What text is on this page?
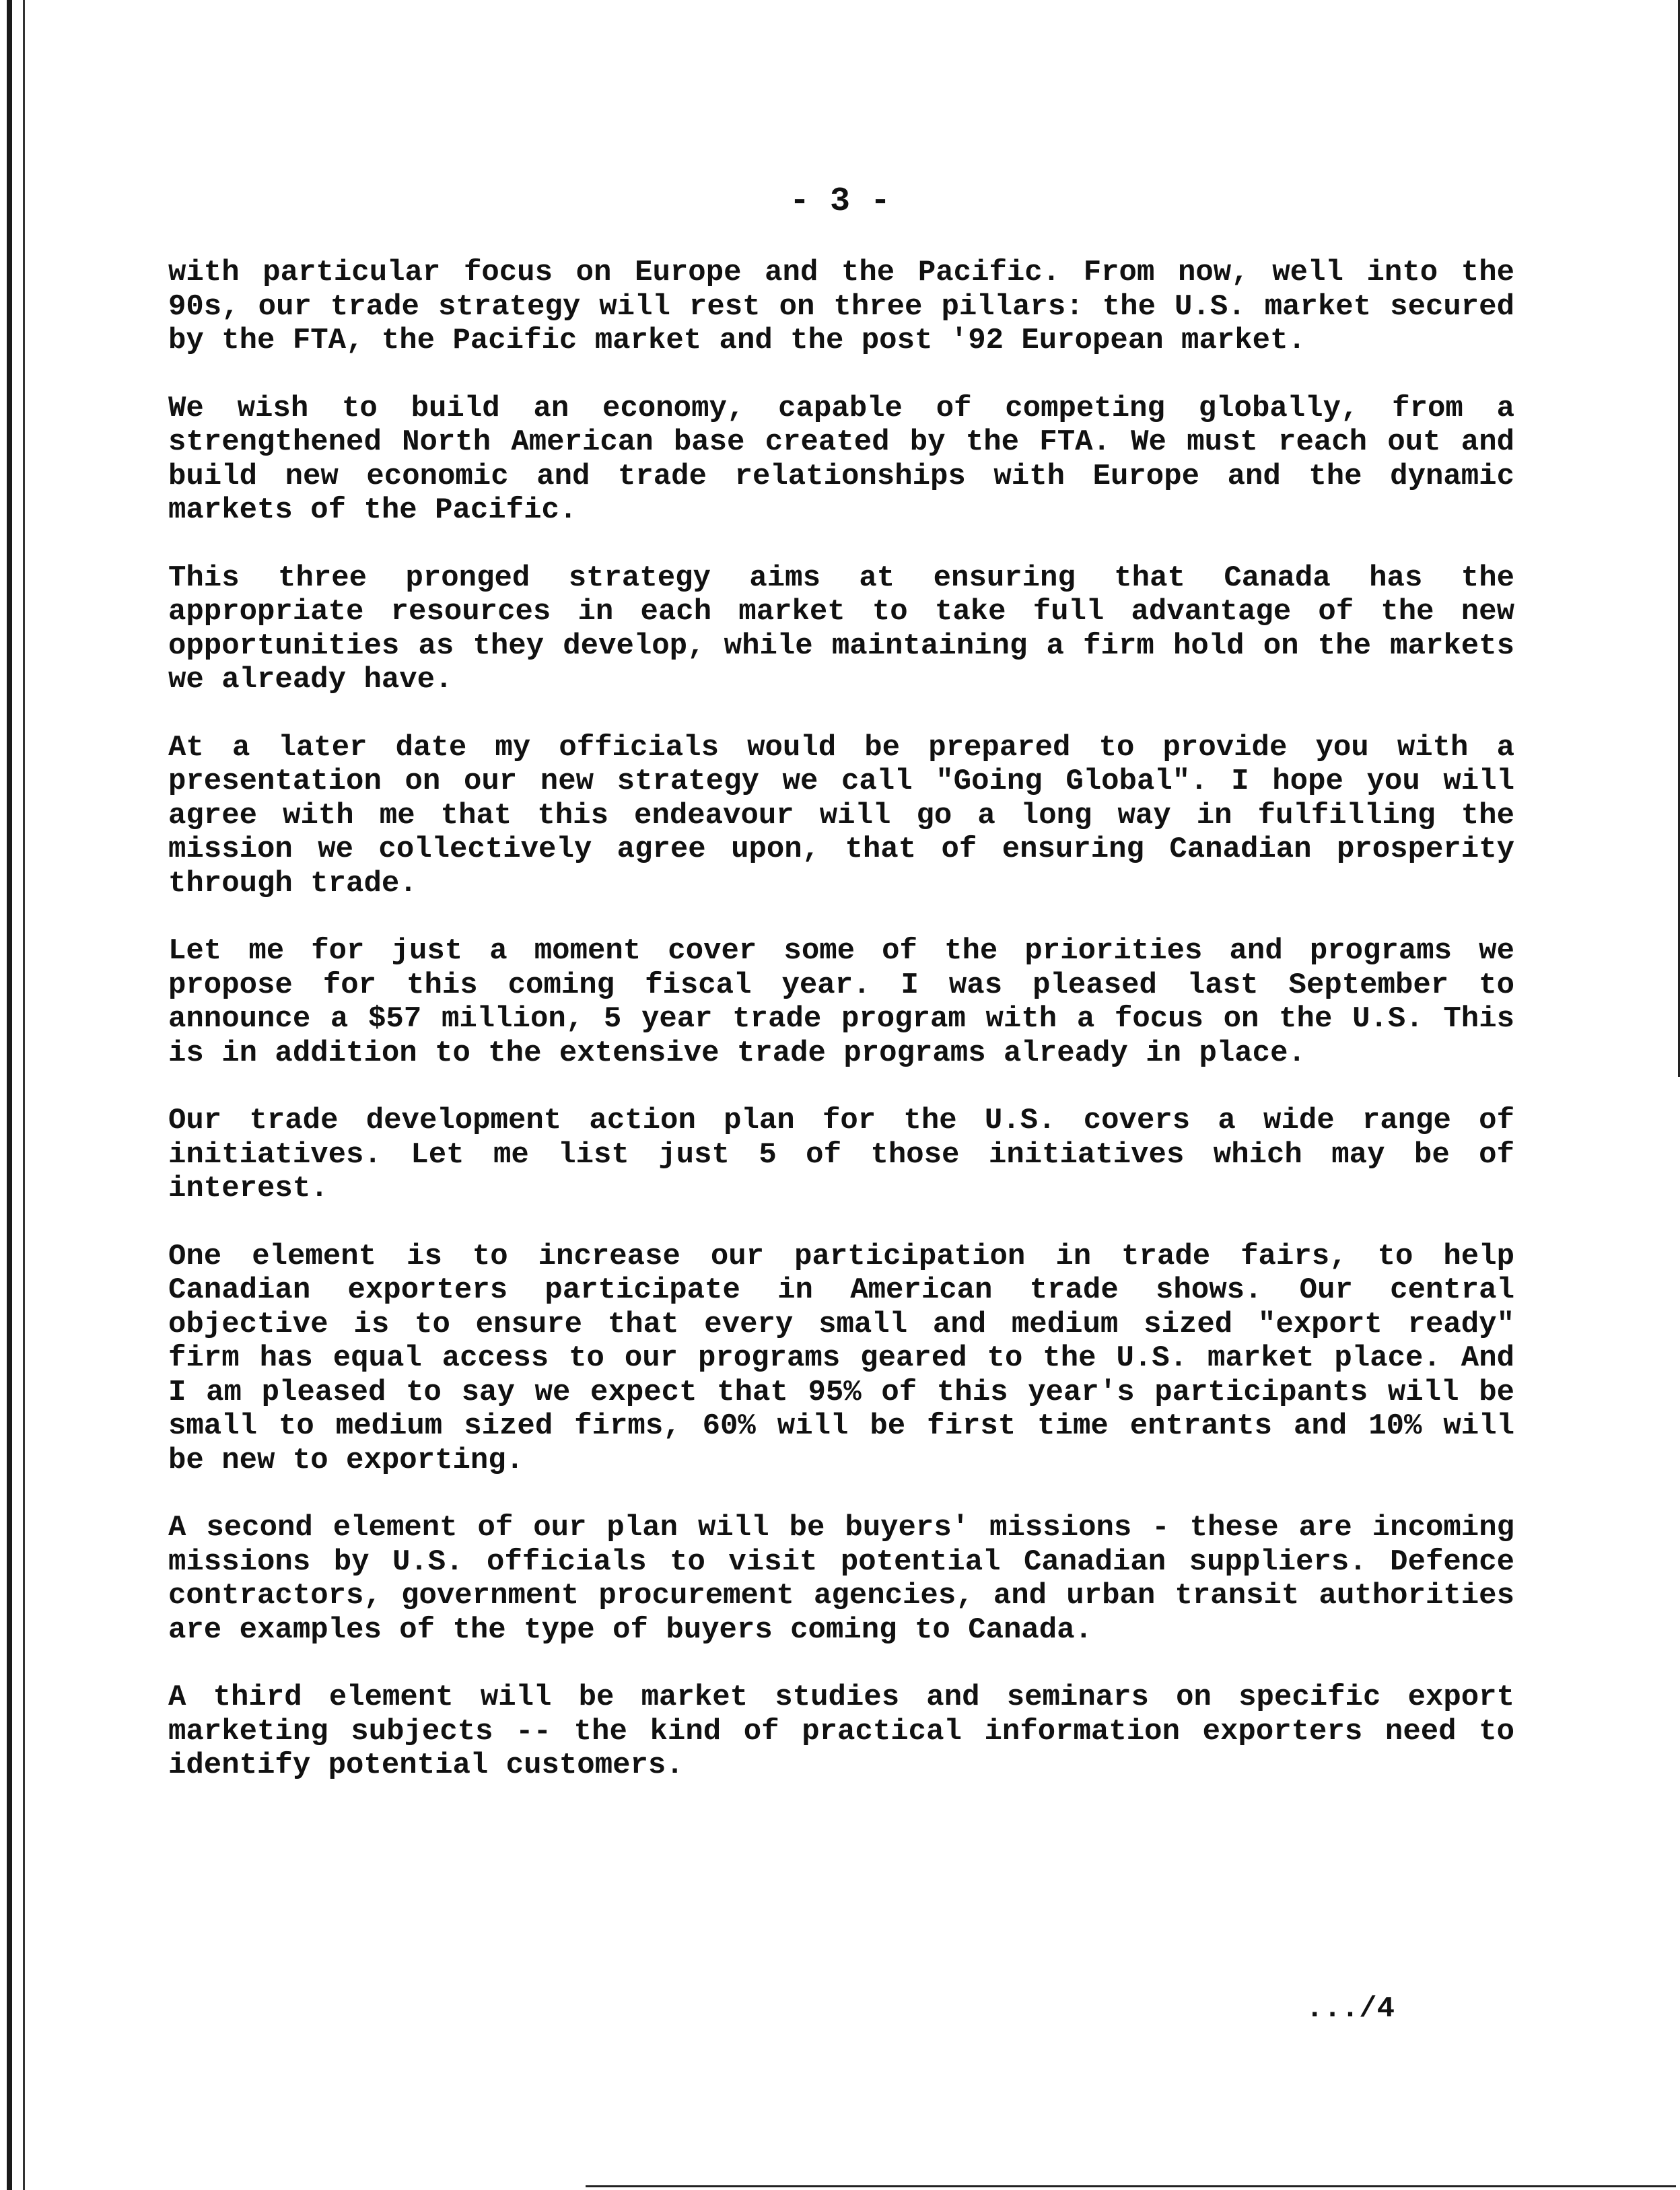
- 3 -

with particular focus on Europe and the Pacific. From now, well into the 90s, our trade strategy will rest on three pillars: the U.S. market secured by the FTA, the Pacific market and the post '92 European market.

We wish to build an economy, capable of competing globally, from a strengthened North American base created by the FTA. We must reach out and build new economic and trade relationships with Europe and the dynamic markets of the Pacific.

This three pronged strategy aims at ensuring that Canada has the appropriate resources in each market to take full advantage of the new opportunities as they develop, while maintaining a firm hold on the markets we already have.

At a later date my officials would be prepared to provide you with a presentation on our new strategy we call "Going Global". I hope you will agree with me that this endeavour will go a long way in fulfilling the mission we collectively agree upon, that of ensuring Canadian prosperity through trade.

Let me for just a moment cover some of the priorities and programs we propose for this coming fiscal year. I was pleased last September to announce a $57 million, 5 year trade program with a focus on the U.S. This is in addition to the extensive trade programs already in place.

Our trade development action plan for the U.S. covers a wide range of initiatives. Let me list just 5 of those initiatives which may be of interest.

One element is to increase our participation in trade fairs, to help Canadian exporters participate in American trade shows. Our central objective is to ensure that every small and medium sized "export ready" firm has equal access to our programs geared to the U.S. market place. And I am pleased to say we expect that 95% of this year's participants will be small to medium sized firms, 60% will be first time entrants and 10% will be new to exporting.

A second element of our plan will be buyers' missions - these are incoming missions by U.S. officials to visit potential Canadian suppliers. Defence contractors, government procurement agencies, and urban transit authorities are examples of the type of buyers coming to Canada.

A third element will be market studies and seminars on specific export marketing subjects -- the kind of practical information exporters need to identify potential customers.

.../4
